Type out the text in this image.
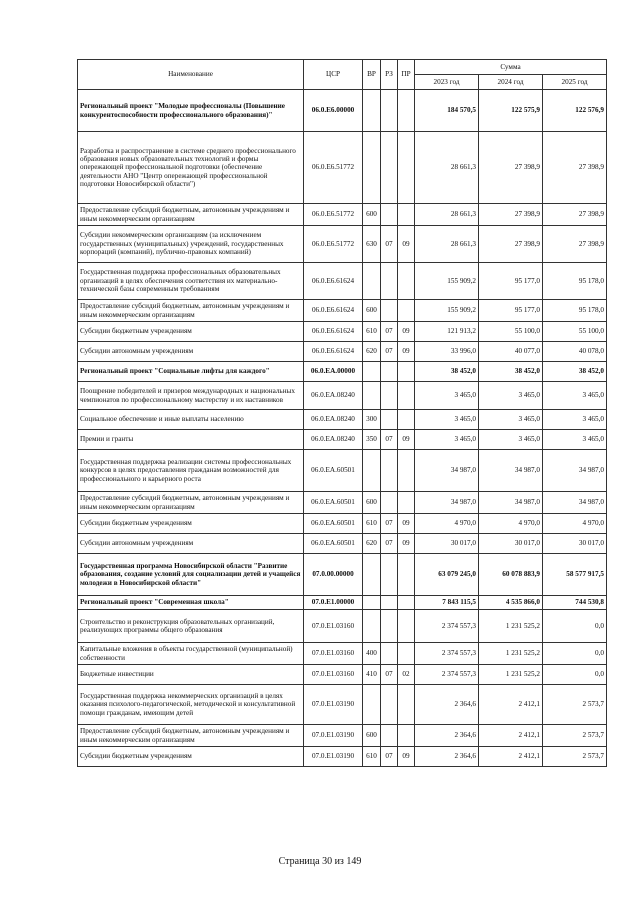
Наименование	ЦСР	ВР	РЗ	ПР	Сумма		
					2023 год	2024 год	2025 год
Региональный проект "Молодые профессионалы (Повышение конкурентоспособности профессионального образования)"	06.0.E6.00000				184 570,5	122 575,9	122 576,9
Разработка и распространение в системе среднего профессионального образования новых образовательных технологий и формы опережающей профессиональной подготовки (обеспечение деятельности АНО "Центр опережающей профессиональной подготовки Новосибирской области")	06.0.E6.51772				28 661,3	27 398,9	27 398,9
Предоставление субсидий бюджетным, автономным учреждениям и иным некоммерческим организациям	06.0.E6.51772	600			28 661,3	27 398,9	27 398,9
Субсидии некоммерческим организациям (за исключением государственных (муниципальных) учреждений, государственных корпораций (компаний), публично-правовых компаний)	06.0.E6.51772	630	07	09	28 661,3	27 398,9	27 398,9
Государственная поддержка профессиональных образовательных организаций в целях обеспечения соответствия их материально-технической базы современным требованиям	06.0.E6.61624				155 909,2	95 177,0	95 178,0
Предоставление субсидий бюджетным, автономным учреждениям и иным некоммерческим организациям	06.0.E6.61624	600			155 909,2	95 177,0	95 178,0
Субсидии бюджетным учреждениям	06.0.E6.61624	610	07	09	121 913,2	55 100,0	55 100,0
Субсидии автономным учреждениям	06.0.E6.61624	620	07	09	33 996,0	40 077,0	40 078,0
Региональный проект "Социальные лифты для каждого"	06.0.EA.00000				38 452,0	38 452,0	38 452,0
Поощрение победителей и призеров международных и национальных чемпионатов по профессиональному мастерству и их наставников	06.0.EA.08240				3 465,0	3 465,0	3 465,0
Социальное обеспечение и иные выплаты населению	06.0.EA.08240	300			3 465,0	3 465,0	3 465,0
Премии и гранты	06.0.EA.08240	350	07	09	3 465,0	3 465,0	3 465,0
Государственная поддержка реализации системы профессиональных конкурсов в целях предоставления гражданам возможностей для профессионального и карьерного роста	06.0.EA.60501				34 987,0	34 987,0	34 987,0
Предоставление субсидий бюджетным, автономным учреждениям и иным некоммерческим организациям	06.0.EA.60501	600			34 987,0	34 987,0	34 987,0
Субсидии бюджетным учреждениям	06.0.EA.60501	610	07	09	4 970,0	4 970,0	4 970,0
Субсидии автономным учреждениям	06.0.EA.60501	620	07	09	30 017,0	30 017,0	30 017,0
Государственная программа Новосибирской области "Развитие образования, создание условий для социализации детей и учащейся молодежи в Новосибирской области"	07.0.00.00000				63 079 245,0	60 078 883,9	58 577 917,5
Региональный проект "Современная школа"	07.0.E1.00000				7 843 115,5	4 535 866,0	744 530,8
Строительство и реконструкция образовательных организаций, реализующих программы общего образования	07.0.E1.03160				2 374 557,3	1 231 525,2	0,0
Капитальные вложения в объекты государственной (муниципальной) собственности	07.0.E1.03160	400			2 374 557,3	1 231 525,2	0,0
Бюджетные инвестиции	07.0.E1.03160	410	07	02	2 374 557,3	1 231 525,2	0,0
Государственная поддержка некоммерческих организаций в целях оказания психолого-педагогической, методической и консультативной помощи гражданам, имеющим детей	07.0.E1.03190				2 364,6	2 412,1	2 573,7
Предоставление субсидий бюджетным, автономным учреждениям и иным некоммерческим организациям	07.0.E1.03190	600			2 364,6	2 412,1	2 573,7
Субсидии бюджетным учреждениям	07.0.E1.03190	610	07	09	2 364,6	2 412,1	2 573,7
Страница 30 из 149
